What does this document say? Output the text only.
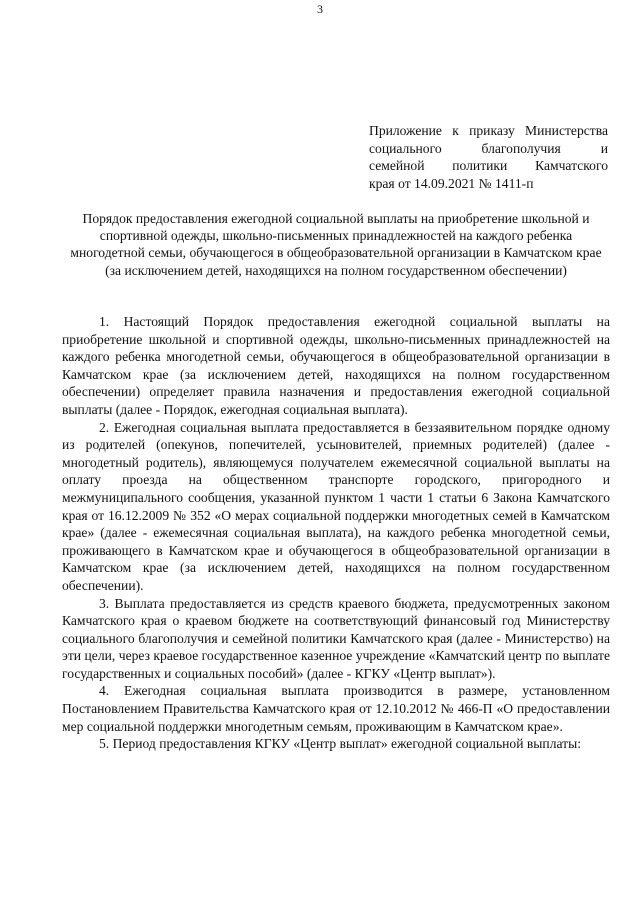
3
Приложение к приказу Министерства
социального благополучия и
семейной политики Камчатского
края от 14.09.2021 № 1411-п
Порядок предоставления ежегодной социальной выплаты на приобретение школьной и спортивной одежды, школьно-письменных принадлежностей на каждого ребенка многодетной семьи, обучающегося в общеобразовательной организации в Камчатском крае (за исключением детей, находящихся на полном государственном обеспечении)

1. Настоящий Порядок предоставления ежегодной социальной выплаты на приобретение школьной и спортивной одежды, школьно-письменных принадлежностей на каждого ребенка многодетной семьи, обучающегося в общеобразовательной организации в Камчатском крае (за исключением детей, находящихся на полном государственном обеспечении) определяет правила назначения и предоставления ежегодной социальной выплаты (далее - Порядок, ежегодная социальная выплата).

2. Ежегодная социальная выплата предоставляется в беззаявительном порядке одному из родителей (опекунов, попечителей, усыновителей, приемных родителей) (далее - многодетный родитель), являющемуся получателем ежемесячной социальной выплаты на оплату проезда на общественном транспорте городского, пригородного и межмуниципального сообщения, указанной пунктом 1 части 1 статьи 6 Закона Камчатского края от 16.12.2009 № 352 «О мерах социальной поддержки многодетных семей в Камчатском крае» (далее - ежемесячная социальная выплата), на каждого ребенка многодетной семьи, проживающего в Камчатском крае и обучающегося в общеобразовательной организации в Камчатском крае (за исключением детей, находящихся на полном государственном обеспечении).

3. Выплата предоставляется из средств краевого бюджета, предусмотренных законом Камчатского края о краевом бюджете на соответствующий финансовый год Министерству социального благополучия и семейной политики Камчатского края (далее - Министерство) на эти цели, через краевое государственное казенное учреждение «Камчатский центр по выплате государственных и социальных пособий» (далее - КГКУ «Центр выплат»).

4. Ежегодная социальная выплата производится в размере, установленном Постановлением Правительства Камчатского края от 12.10.2012 № 466-П «О предоставлении мер социальной поддержки многодетным семьям, проживающим в Камчатском крае».

5. Период предоставления КГКУ «Центр выплат» ежегодной социальной выплаты:
